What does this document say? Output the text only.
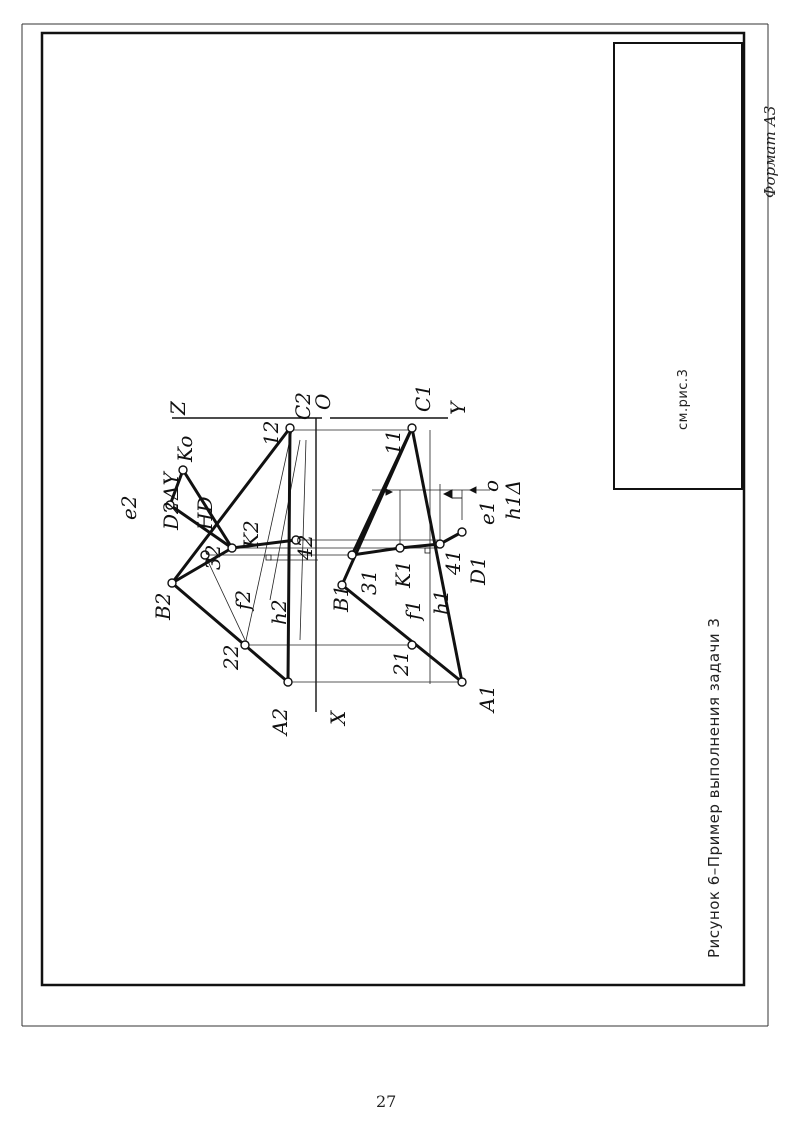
A2
B2
C2
D2
K2
Ko
12
22
32	42
f2 h2
e2
ΔY
HD
A1
B1
C1
D1
K1
11
21
31
41
f1 h1
e1 h1Δ
X
Y
Z	O
o
Рисунок 6–Пример выполнения задачи 3
см.рис.3
Формат А3
27
